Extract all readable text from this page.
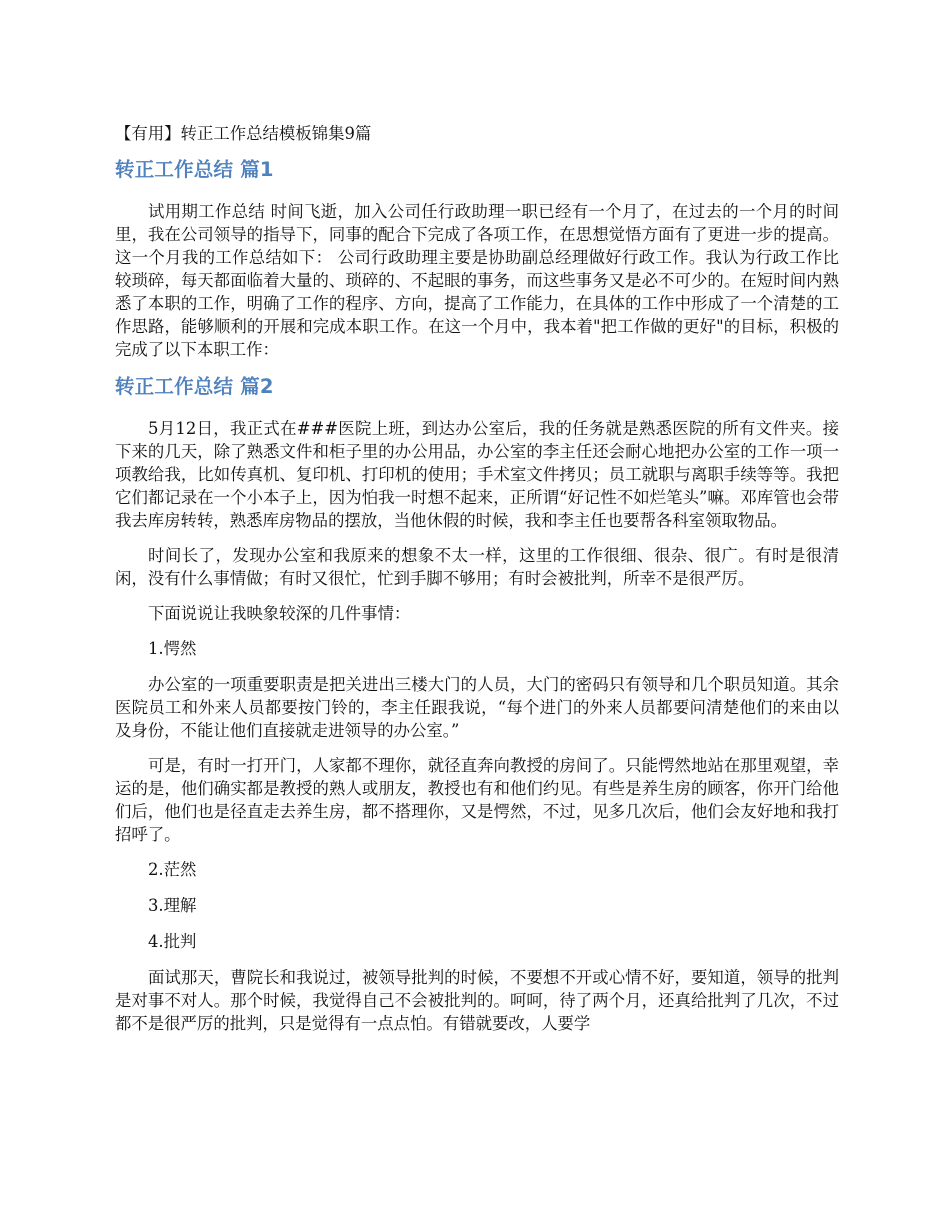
【有用】转正工作总结模板锦集9篇
转正工作总结 篇1

试用期工作总结 时间飞逝，加入公司任行政助理一职已经有一个月了，在过去的一个月的时间里，我在公司领导的指导下，同事的配合下完成了各项工作，在思想觉悟方面有了更进一步的提高。这一个月我的工作总结如下： 公司行政助理主要是协助副总经理做好行政工作。我认为行政工作比较琐碎，每天都面临着大量的、琐碎的、不起眼的事务，而这些事务又是必不可少的。在短时间内熟悉了本职的工作，明确了工作的程序、方向，提高了工作能力，在具体的工作中形成了一个清楚的工作思路，能够顺利的开展和完成本职工作。在这一个月中，我本着"把工作做的更好"的目标，积极的完成了以下本职工作：

转正工作总结 篇2

5月12日，我正式在###医院上班，到达办公室后，我的任务就是熟悉医院的所有文件夹。接下来的几天，除了熟悉文件和柜子里的办公用品，办公室的李主任还会耐心地把办公室的工作一项一项教给我，比如传真机、复印机、打印机的使用；手术室文件拷贝；员工就职与离职手续等等。我把它们都记录在一个小本子上，因为怕我一时想不起来，正所谓“好记性不如烂笔头”嘛。邓库管也会带我去库房转转，熟悉库房物品的摆放，当他休假的时候，我和李主任也要帮各科室领取物品。

时间长了，发现办公室和我原来的想象不太一样，这里的工作很细、很杂、很广。有时是很清闲，没有什么事情做；有时又很忙，忙到手脚不够用；有时会被批判，所幸不是很严厉。

下面说说让我映象较深的几件事情：

1.愕然

办公室的一项重要职责是把关进出三楼大门的人员，大门的密码只有领导和几个职员知道。其余医院员工和外来人员都要按门铃的，李主任跟我说，“每个进门的外来人员都要问清楚他们的来由以及身份，不能让他们直接就走进领导的办公室。”

可是，有时一打开门，人家都不理你，就径直奔向教授的房间了。只能愕然地站在那里观望，幸运的是，他们确实都是教授的熟人或朋友，教授也有和他们约见。有些是养生房的顾客，你开门给他们后，他们也是径直走去养生房，都不搭理你，又是愕然，不过，见多几次后，他们会友好地和我打招呼了。

2.茫然
3.理解
4.批判

面试那天，曹院长和我说过，被领导批判的时候，不要想不开或心情不好，要知道，领导的批判是对事不对人。那个时候，我觉得自己不会被批判的。呵呵，待了两个月，还真给批判了几次，不过都不是很严厉的批判，只是觉得有一点点怕。有错就要改，人要学
